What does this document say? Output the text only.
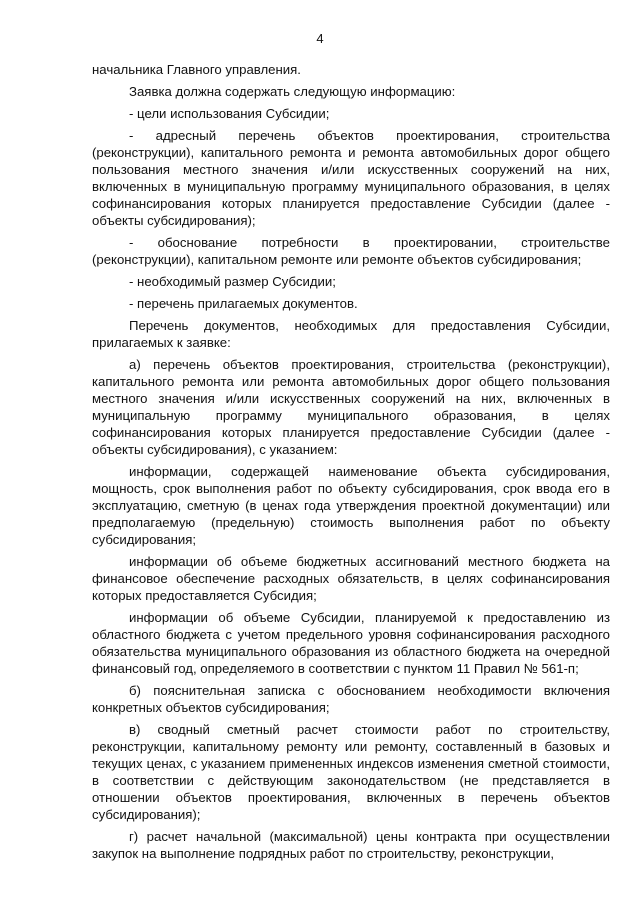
4

начальника Главного управления.

Заявка должна содержать следующую информацию:

- цели использования Субсидии;

- адресный перечень объектов проектирования, строительства (реконструкции), капитального ремонта и ремонта автомобильных дорог общего пользования местного значения и/или искусственных сооружений на них, включенных в муниципальную программу муниципального образования, в целях софинансирования которых планируется предоставление Субсидии (далее - объекты субсидирования);

- обоснование потребности в проектировании, строительстве (реконструкции), капитальном ремонте или ремонте объектов субсидирования;

- необходимый размер Субсидии;

- перечень прилагаемых документов.

Перечень документов, необходимых для предоставления Субсидии, прилагаемых к заявке:

а) перечень объектов проектирования, строительства (реконструкции), капитального ремонта или ремонта автомобильных дорог общего пользования местного значения и/или искусственных сооружений на них, включенных в муниципальную программу муниципального образования, в целях софинансирования которых планируется предоставление Субсидии (далее - объекты субсидирования), с указанием:

информации, содержащей наименование объекта субсидирования, мощность, срок выполнения работ по объекту субсидирования, срок ввода его в эксплуатацию, сметную (в ценах года утверждения проектной документации) или предполагаемую (предельную) стоимость выполнения работ по объекту субсидирования;

информации об объеме бюджетных ассигнований местного бюджета на финансовое обеспечение расходных обязательств, в целях софинансирования которых предоставляется Субсидия;

информации об объеме Субсидии, планируемой к предоставлению из областного бюджета с учетом предельного уровня софинансирования расходного обязательства муниципального образования из областного бюджета на очередной финансовый год, определяемого в соответствии с пунктом 11 Правил № 561-п;

б) пояснительная записка с обоснованием необходимости включения конкретных объектов субсидирования;

в) сводный сметный расчет стоимости работ по строительству, реконструкции, капитальному ремонту или ремонту, составленный в базовых и текущих ценах, с указанием примененных индексов изменения сметной стоимости, в соответствии с действующим законодательством (не представляется в отношении объектов проектирования, включенных в перечень объектов субсидирования);

г) расчет начальной (максимальной) цены контракта при осуществлении закупок на выполнение подрядных работ по строительству, реконструкции,
